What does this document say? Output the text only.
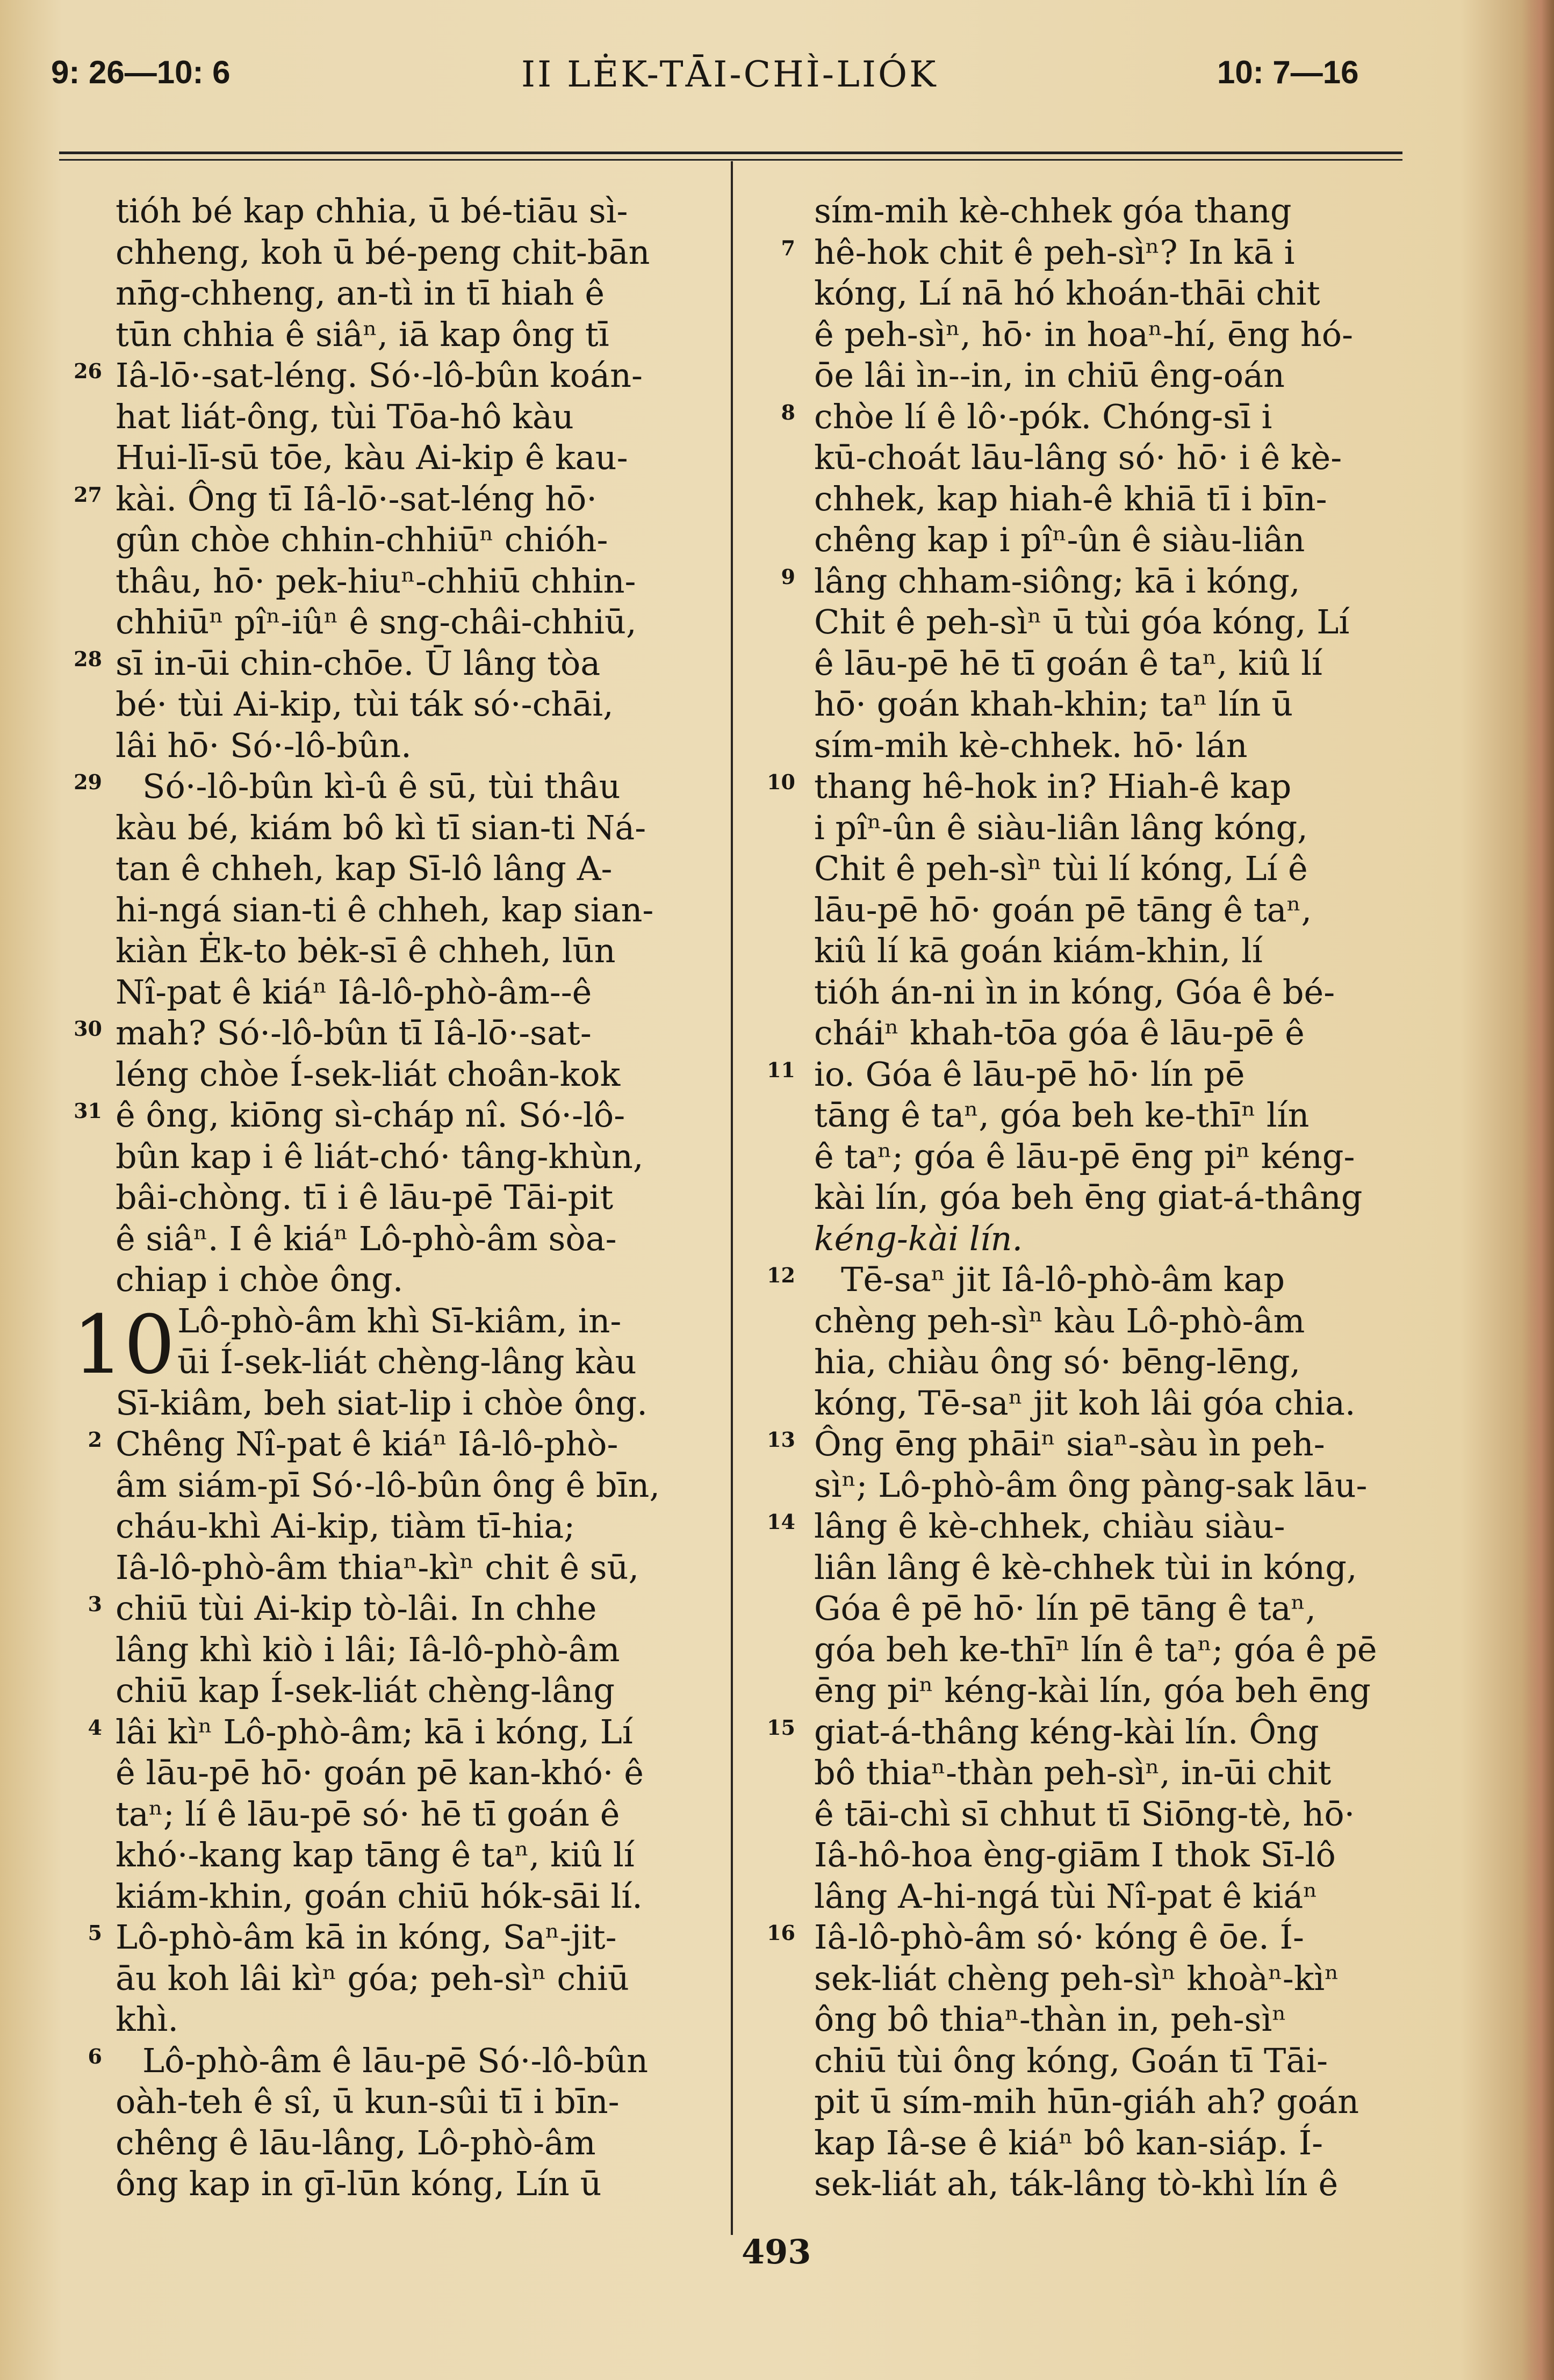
9: 26—10: 6	II LĖK-TĀI-CHÌ-LIÓK	10: 7—16
tióh bé kap chhia, ū bé-tiāu sì-
chheng, koh ū bé-peng chit-bān
nn̄g-chheng, an-tì in tī hiah ê
tūn chhia ê siâⁿ, iā kap ông tī
26 Iâ-lō·-sat-léng. Só·-lô-bûn koán-
hat liát-ông, tùi Tōa-hô kàu
Hui-lī-sū tōe, kàu Ai-kip ê kau-
27 kài. Ông tī Iâ-lō·-sat-léng hō·
gûn chòe chhin-chhiūⁿ chióh-
thâu, hō· pek-hiuⁿ-chhiū chhin-
chhiūⁿ pîⁿ-iûⁿ ê sng-châi-chhiū,
28 sī in-ūi chin-chōe. Ū lâng tòa
bé· tùi Ai-kip, tùi ták só·-chāi,
lâi hō· Só·-lô-bûn.
29 Só·-lô-bûn kì-û ê sū, tùi thâu
kàu bé, kiám bô kì tī sian-ti Ná-
tan ê chheh, kap Sī-lô lâng A-
hi-ngá sian-ti ê chheh, kap sian-
kiàn Ėk-to bėk-sī ê chheh, lūn
Nî-pat ê kiáⁿ Iâ-lô-phò-âm--ê
30 mah? Só·-lô-bûn tī Iâ-lō·-sat-
léng chòe Í-sek-liát choân-kok
31 ê ông, kiōng sì-cháp nî. Só·-lô-
bûn kap i ê liát-chó· tâng-khùn,
bâi-chòng. tī i ê lāu-pē Tāi-pit
ê siâⁿ. I ê kiáⁿ Lô-phò-âm sòa-
chiap i chòe ông.
10 Lô-phò-âm khì Sī-kiâm, in-
ūi Í-sek-liát chèng-lâng kàu
Sī-kiâm, beh siat-lip i chòe ông.
2 Chêng Nî-pat ê kiáⁿ Iâ-lô-phò-
âm siám-pī Só·-lô-bûn ông ê bīn,
cháu-khì Ai-kip, tiàm tī-hia;
Iâ-lô-phò-âm thiaⁿ-kìⁿ chit ê sū,
3 chiū tùi Ai-kip tò-lâi. In chhe
lâng khì kiò i lâi; Iâ-lô-phò-âm
chiū kap Í-sek-liát chèng-lâng
4 lâi kìⁿ Lô-phò-âm; kā i kóng, Lí
ê lāu-pē hō· goán pē kan-khó· ê
taⁿ; lí ê lāu-pē só· hē tī goán ê
khó·-kang kap tāng ê taⁿ, kiû lí
kiám-khin, goán chiū hók-sāi lí.
5 Lô-phò-âm kā in kóng, Saⁿ-jit-
āu koh lâi kìⁿ góa; peh-sìⁿ chiū
khì.
6 Lô-phò-âm ê lāu-pē Só·-lô-bûn
oàh-teh ê sî, ū kun-sûi tī i bīn-
chêng ê lāu-lâng, Lô-phò-âm
ông kap in gī-lūn kóng, Lín ū
sím-mih kè-chhek góa thang
7 hê-hok chit ê peh-sìⁿ? In kā i
kóng, Lí nā hó khoán-thāi chit
ê peh-sìⁿ, hō· in hoaⁿ-hí, ēng hó-
ōe lâi ìn--in, in chiū êng-oán
8 chòe lí ê lô·-pók. Chóng-sī i
kū-choát lāu-lâng só· hō· i ê kè-
chhek, kap hiah-ê khiā tī i bīn-
chêng kap i pîⁿ-ûn ê siàu-liân
9 lâng chham-siông; kā i kóng,
Chit ê peh-sìⁿ ū tùi góa kóng, Lí
ê lāu-pē hē tī goán ê taⁿ, kiû lí
hō· goán khah-khin; taⁿ lín ū
sím-mih kè-chhek. hō· lán
10 thang hê-hok in? Hiah-ê kap
i pîⁿ-ûn ê siàu-liân lâng kóng,
Chit ê peh-sìⁿ tùi lí kóng, Lí ê
lāu-pē hō· goán pē tāng ê taⁿ,
kiû lí kā goán kiám-khin, lí
tióh án-ni ìn in kóng, Góa ê bé-
cháiⁿ khah-tōa góa ê lāu-pē ê
11 io. Góa ê lāu-pē hō· lín pē
tāng ê taⁿ, góa beh ke-thīⁿ lín
ê taⁿ; góa ê lāu-pē ēng piⁿ kéng-
kài lín, góa beh ēng giat-á-thâng
kéng-kài lín.
12 Tē-saⁿ jit Iâ-lô-phò-âm kap
chèng peh-sìⁿ kàu Lô-phò-âm
hia, chiàu ông só· bēng-lēng,
kóng, Tē-saⁿ jit koh lâi góa chia.
13 Ông ēng phāiⁿ siaⁿ-sàu ìn peh-
sìⁿ; Lô-phò-âm ông pàng-sak lāu-
14 lâng ê kè-chhek, chiàu siàu-
liân lâng ê kè-chhek tùi in kóng,
Góa ê pē hō· lín pē tāng ê taⁿ,
góa beh ke-thīⁿ lín ê taⁿ; góa ê pē
ēng piⁿ kéng-kài lín, góa beh ēng
15 giat-á-thâng kéng-kài lín. Ông
bô thiaⁿ-thàn peh-sìⁿ, in-ūi chit
ê tāi-chì sī chhut tī Siōng-tè, hō·
Iâ-hô-hoa èng-giām I thok Sī-lô
lâng A-hi-ngá tùi Nî-pat ê kiáⁿ
16 Iâ-lô-phò-âm só· kóng ê ōe. Í-
sek-liát chèng peh-sìⁿ khoàⁿ-kìⁿ
ông bô thiaⁿ-thàn in, peh-sìⁿ
chiū tùi ông kóng, Goán tī Tāi-
pit ū sím-mih hūn-giáh ah? goán
kap Iâ-se ê kiáⁿ bô kan-siáp. Í-
sek-liát ah, ták-lâng tò-khì lín ê
493
